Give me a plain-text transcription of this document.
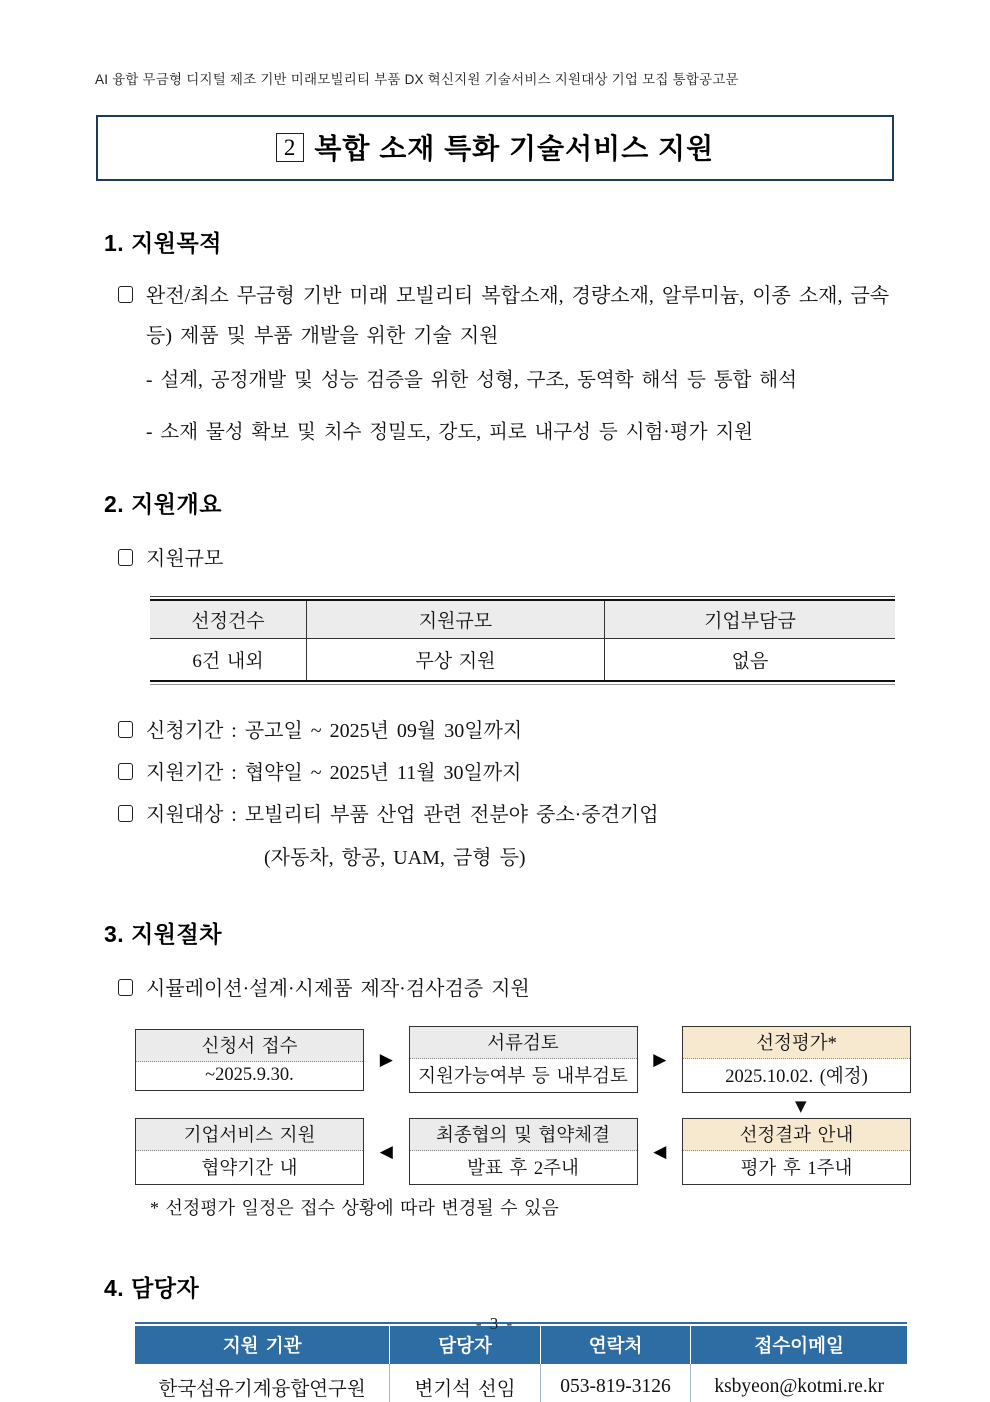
AI 융합 무금형 디지털 제조 기반 미래모빌리티 부품 DX 혁신지원 기술서비스 지원대상 기업 모집 통합공고문
2 복합 소재 특화 기술서비스 지원
1. 지원목적
완전/최소 무금형 기반 미래 모빌리티 복합소재, 경량소재, 알루미늄, 이종 소재, 금속 등) 제품 및 부품 개발을 위한 기술 지원
- 설계, 공정개발 및 성능 검증을 위한 성형, 구조, 동역학 해석 등 통합 해석
- 소재 물성 확보 및 치수 정밀도, 강도, 피로 내구성 등 시험·평가 지원
2. 지원개요
지원규모
선정건수	지원규모	기업부담금
6건 내외	무상 지원	없음
신청기간 : 공고일 ~ 2025년 09월 30일까지
지원기간 : 협약일 ~ 2025년 11월 30일까지
지원대상 : 모빌리티 부품 산업 관련 전분야 중소·중견기업
(자동차, 항공, UAM, 금형 등)
3. 지원절차
시뮬레이션·설계·시제품 제작·검사검증 지원
신청서 접수
~2025.9.30.
▶
서류검토
지원가능여부 등 내부검토
▶
선정평가*
2025.10.02. (예정)
▼
기업서비스 지원
협약기간 내
◀
최종협의 및 협약체결
발표 후 2주내
◀
선정결과 안내
평가 후 1주내
* 선정평가 일정은 접수 상황에 따라 변경될 수 있음
4. 담당자
지원 기관	담당자	연락처	접수이메일
한국섬유기계융합연구원	변기석 선임	053-819-3126	ksbyeon@kotmi.re.kr
- 3 -
